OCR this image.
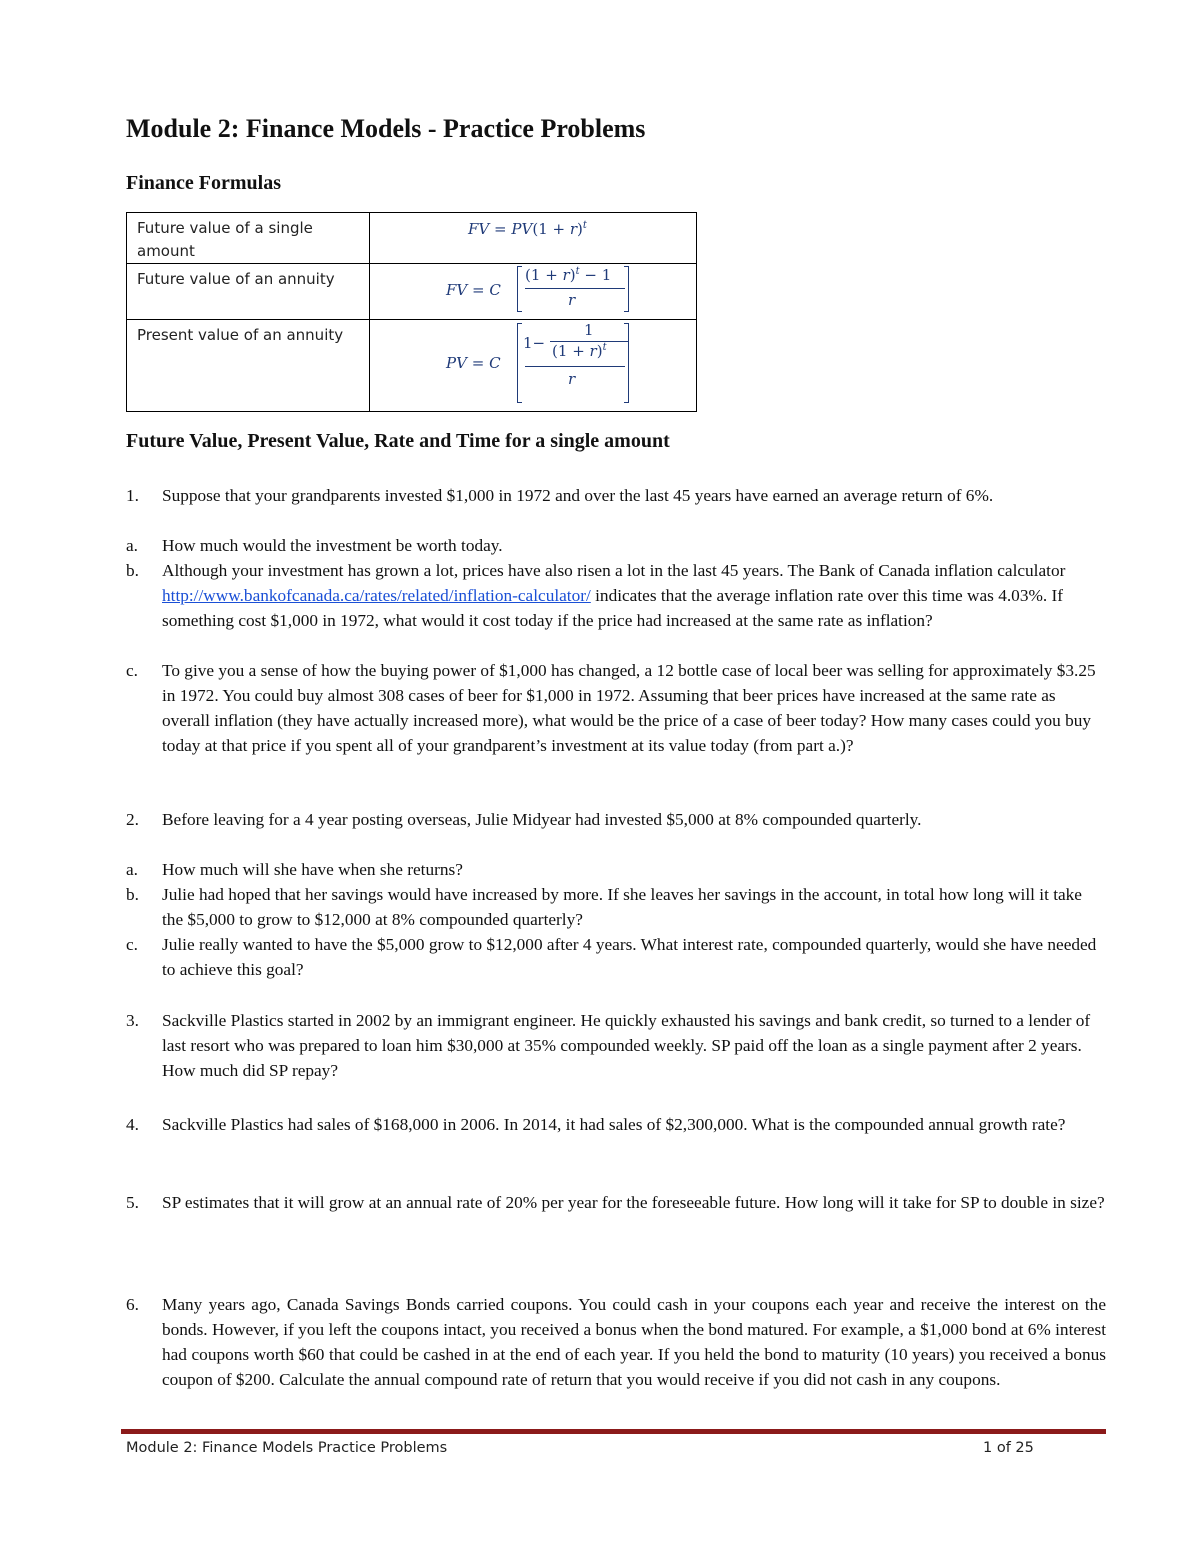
Module 2: Finance Models - Practice Problems
Finance Formulas
Future value of a single amount	FV = $PV(1 + r)^t$

Future value of an annuity	FV = C
$(1 + r)^t - 1$
r

Present value of an annuity	PV = C
1−
1
$(1 + r)^t$
r
Future Value, Present Value, Rate and Time for a single amount
1. Suppose that your grandparents invested $1,000 in 1972 and over the last 45 years have earned an average return of 6%.
a. How much would the investment be worth today.
b. Although your investment has grown a lot, prices have also risen a lot in the last 45 years. The Bank of Canada inflation calculator http://www.bankofcanada.ca/rates/related/inflation-calculator/ indicates that the average inflation rate over this time was 4.03%. If something cost $1,000 in 1972, what would it cost today if the price had increased at the same rate as inflation?
c. To give you a sense of how the buying power of $1,000 has changed, a 12 bottle case of local beer was selling for approximately $3.25 in 1972. You could buy almost 308 cases of beer for $1,000 in 1972. Assuming that beer prices have increased at the same rate as overall inflation (they have actually increased more), what would be the price of a case of beer today? How many cases could you buy today at that price if you spent all of your grandparent’s investment at its value today (from part a.)?
2. Before leaving for a 4 year posting overseas, Julie Midyear had invested $5,000 at 8% compounded quarterly.
a. How much will she have when she returns?
b. Julie had hoped that her savings would have increased by more. If she leaves her savings in the account, in total how long will it take the $5,000 to grow to $12,000 at 8% compounded quarterly?
c. Julie really wanted to have the $5,000 grow to $12,000 after 4 years. What interest rate, compounded quarterly, would she have needed to achieve this goal?
3. Sackville Plastics started in 2002 by an immigrant engineer. He quickly exhausted his savings and bank credit, so turned to a lender of last resort who was prepared to loan him $30,000 at 35% compounded weekly. SP paid off the loan as a single payment after 2 years. How much did SP repay?
4. Sackville Plastics had sales of $168,000 in 2006. In 2014, it had sales of $2,300,000. What is the compounded annual growth rate?
5. SP estimates that it will grow at an annual rate of 20% per year for the foreseeable future. How long will it take for SP to double in size?
6. Many years ago, Canada Savings Bonds carried coupons. You could cash in your coupons each year and receive the interest on the bonds. However, if you left the coupons intact, you received a bonus when the bond matured. For example, a $1,000 bond at 6% interest had coupons worth $60 that could be cashed in at the end of each year. If you held the bond to maturity (10 years) you received a bonus coupon of $200. Calculate the annual compound rate of return that you would receive if you did not cash in any coupons.
Module 2: Finance Models Practice Problems	1 of 25
